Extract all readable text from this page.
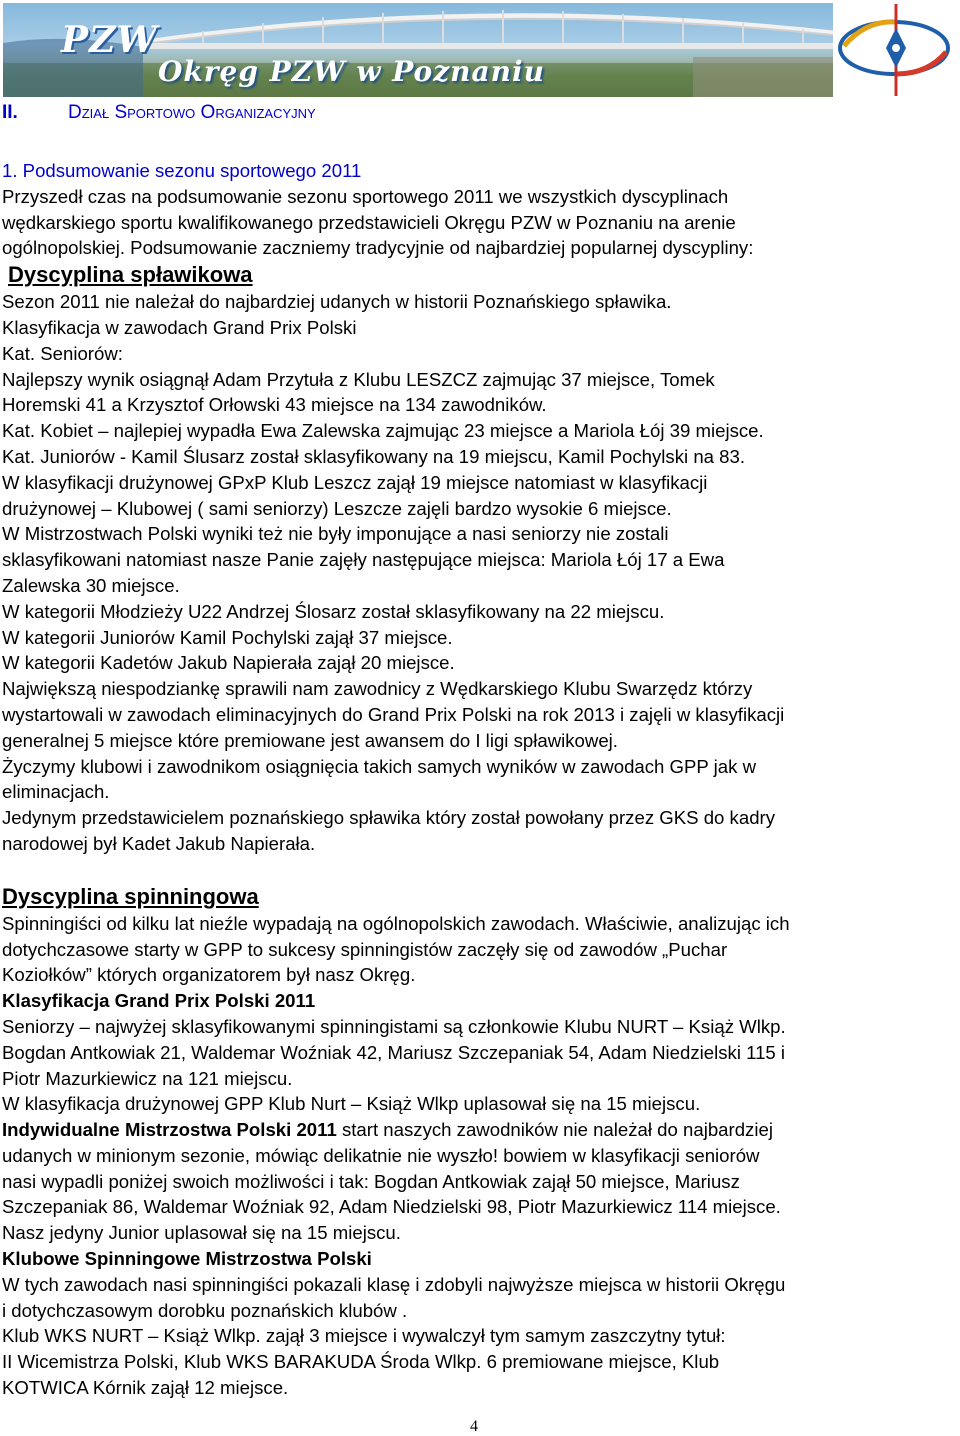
PZW
Okręg PZW w Poznaniu
II.	Dział Sportowo Organizacyjny

1. Podsumowanie sezonu sportowego 2011

Przyszedł czas na podsumowanie sezonu sportowego 2011 we wszystkich dyscyplinach

wędkarskiego sportu kwalifikowanego przedstawicieli Okręgu PZW w Poznaniu na arenie

ogólnopolskiej. Podsumowanie zaczniemy tradycyjnie od najbardziej popularnej dyscypliny:

Dyscyplina spławikowa

Sezon 2011 nie należał do najbardziej udanych w historii Poznańskiego spławika.

Klasyfikacja w zawodach Grand Prix Polski

Kat. Seniorów:

Najlepszy wynik osiągnął Adam Przytuła z Klubu LESZCZ zajmując 37 miejsce, Tomek

Horemski 41 a Krzysztof Orłowski 43 miejsce na 134 zawodników.

Kat. Kobiet – najlepiej wypadła Ewa Zalewska zajmując 23 miejsce a Mariola Łój 39 miejsce.

Kat. Juniorów - Kamil Ślusarz został sklasyfikowany na 19 miejscu, Kamil Pochylski na 83.

W klasyfikacji drużynowej GPxP Klub Leszcz zajął 19 miejsce natomiast w klasyfikacji

drużynowej – Klubowej ( sami seniorzy) Leszcze zajęli bardzo wysokie 6 miejsce.

W Mistrzostwach Polski wyniki też nie były imponujące a nasi seniorzy nie zostali

sklasyfikowani natomiast nasze Panie zajęły następujące miejsca: Mariola Łój 17 a Ewa

Zalewska 30 miejsce.

W kategorii Młodzieży U22 Andrzej Ślosarz został sklasyfikowany na 22 miejscu.

W kategorii Juniorów Kamil Pochylski zajął 37 miejsce.

W kategorii Kadetów Jakub Napierała zajął 20 miejsce.

Największą niespodziankę sprawili nam zawodnicy z Wędkarskiego Klubu Swarzędz którzy

wystartowali w zawodach eliminacyjnych do Grand Prix Polski na rok 2013 i zajęli w klasyfikacji

generalnej 5 miejsce które premiowane jest awansem do I ligi spławikowej.

Życzymy klubowi i zawodnikom osiągnięcia takich samych wyników w zawodach GPP jak w

eliminacjach.

Jedynym przedstawicielem poznańskiego spławika który został powołany przez GKS do kadry

narodowej był Kadet Jakub Napierała.

Dyscyplina spinningowa

Spinningiści od kilku lat nieźle wypadają na ogólnopolskich zawodach. Właściwie, analizując ich

dotychczasowe starty w GPP to sukcesy spinningistów zaczęły się od zawodów „Puchar

Koziołków” których organizatorem był nasz Okręg.

Klasyfikacja Grand Prix Polski 2011

Seniorzy – najwyżej sklasyfikowanymi spinningistami są członkowie Klubu NURT – Książ Wlkp.

Bogdan Antkowiak 21, Waldemar Woźniak 42, Mariusz Szczepaniak 54, Adam Niedzielski 115 i

Piotr Mazurkiewicz na 121 miejscu.

W klasyfikacja drużynowej GPP Klub Nurt – Książ Wlkp uplasował się na 15 miejscu.

Indywidualne Mistrzostwa Polski 2011 start naszych zawodników nie należał do najbardziej

udanych w minionym sezonie, mówiąc delikatnie nie wyszło! bowiem w klasyfikacji seniorów

nasi wypadli poniżej swoich możliwości i tak: Bogdan Antkowiak zajął 50 miejsce, Mariusz

Szczepaniak 86, Waldemar Woźniak 92, Adam Niedzielski 98, Piotr Mazurkiewicz 114 miejsce.

Nasz jedyny Junior uplasował się na 15 miejscu.

Klubowe Spinningowe Mistrzostwa Polski

W tych zawodach nasi spinningiści pokazali klasę i zdobyli najwyższe miejsca w historii Okręgu

i dotychczasowym dorobku poznańskich klubów .

Klub WKS NURT – Książ Wlkp. zajął 3 miejsce i wywalczył tym samym zaszczytny tytuł:

II Wicemistrza Polski, Klub WKS BARAKUDA Środa Wlkp. 6 premiowane miejsce, Klub

KOTWICA Kórnik zajął 12 miejsce.

4
